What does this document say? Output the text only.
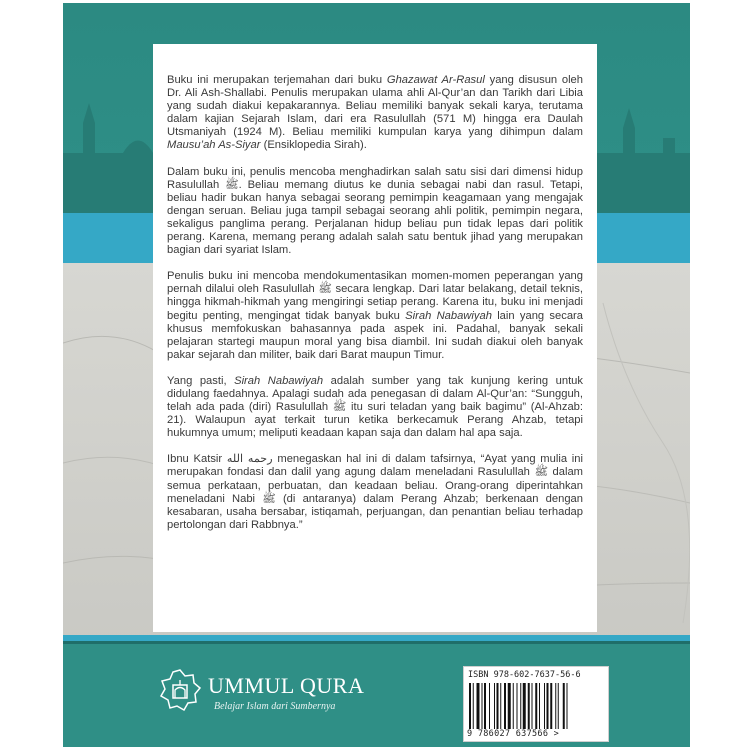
Buku ini merupakan terjemahan dari buku Ghazawat Ar-Rasul yang disusun oleh Dr. Ali Ash-Shallabi. Penulis merupakan ulama ahli Al-Qur’an dan Tarikh dari Libia yang sudah diakui kepakarannya. Beliau memiliki banyak sekali karya, terutama dalam kajian Sejarah Islam, dari era Rasulullah (571 M) hingga era Daulah Utsmaniyah (1924 M). Beliau memiliki kumpulan karya yang dihimpun dalam Mausu’ah As-Siyar (Ensiklopedia Sirah).

Dalam buku ini, penulis mencoba menghadirkan salah satu sisi dari dimensi hidup Rasulullah ﷺ. Beliau memang diutus ke dunia sebagai nabi dan rasul. Tetapi, beliau hadir bukan hanya sebagai seorang pemimpin keagamaan yang mengajak dengan seruan. Beliau juga tampil sebagai seorang ahli politik, pemimpin negara, sekaligus panglima perang. Perjalanan hidup beliau pun tidak lepas dari politik perang. Karena, memang perang adalah salah satu bentuk jihad yang merupakan bagian dari syariat Islam.

Penulis buku ini mencoba mendokumentasikan momen-momen peperangan yang pernah dilalui oleh Rasulullah ﷺ secara lengkap. Dari latar belakang, detail teknis, hingga hikmah-hikmah yang mengiringi setiap perang. Karena itu, buku ini menjadi begitu penting, mengingat tidak banyak buku Sirah Nabawiyah lain yang secara khusus memfokuskan bahasannya pada aspek ini. Padahal, banyak sekali pelajaran startegi maupun moral yang bisa diambil. Ini sudah diakui oleh banyak pakar sejarah dan militer, baik dari Barat maupun Timur.

Yang pasti, Sirah Nabawiyah adalah sumber yang tak kunjung kering untuk didulang faedahnya. Apalagi sudah ada penegasan di dalam Al-Qur’an: “Sungguh, telah ada pada (diri) Rasulullah ﷺ itu suri teladan yang baik bagimu” (Al-Ahzab: 21). Walaupun ayat terkait turun ketika berkecamuk Perang Ahzab, tetapi hukumnya umum; meliputi keadaan kapan saja dan dalam hal apa saja.

Ibnu Katsir رحمه الله menegaskan hal ini di dalam tafsirnya, “Ayat yang mulia ini merupakan fondasi dan dalil yang agung dalam meneladani Rasulullah ﷺ dalam semua perkataan, perbuatan, dan keadaan beliau. Orang-orang diperintahkan meneladani Nabi ﷺ (di antaranya) dalam Perang Ahzab; berkenaan dengan kesabaran, usaha bersabar, istiqamah, perjuangan, dan penantian beliau terhadap pertolongan dari Rabbnya.”

UMMUL QURA
Belajar Islam dari Sumbernya
ISBN 978-602-7637-56-6
9 786027 637566 >
